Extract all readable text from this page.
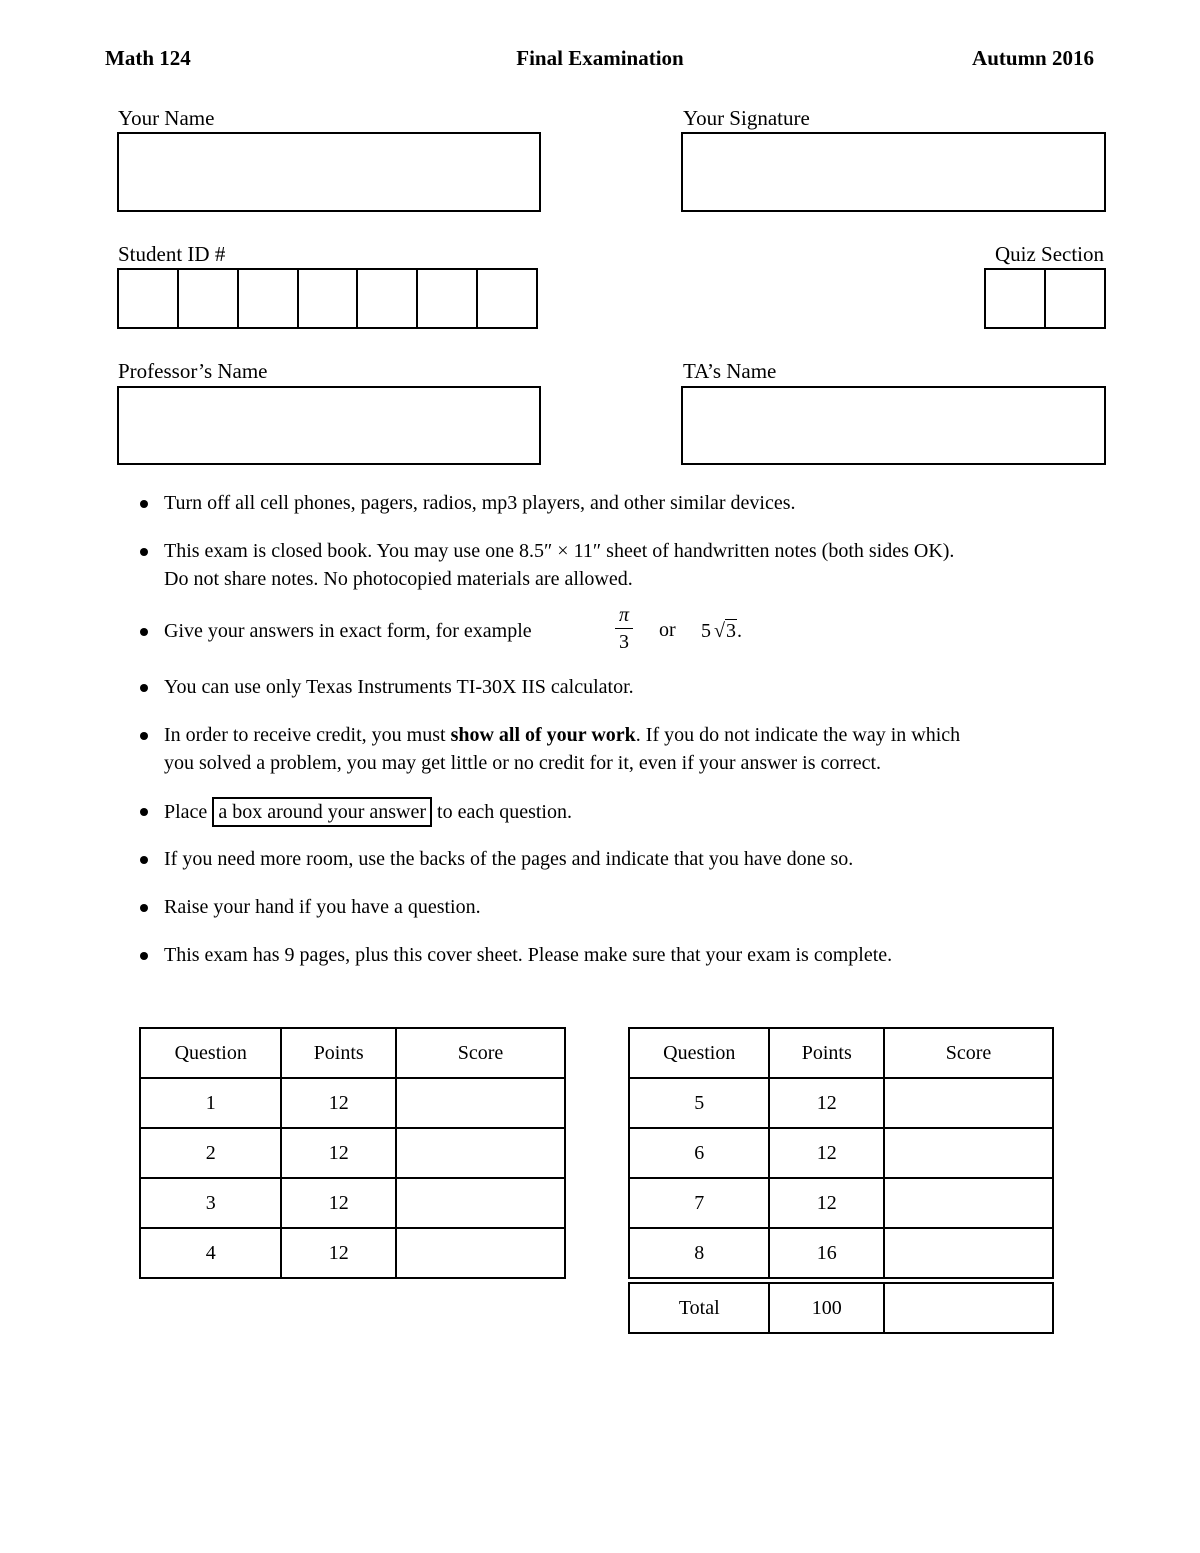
Math 124	Final Examination	Autumn 2016
Your Name	Your Signature
Student ID #	Quiz Section
Professor’s Name	TA’s Name
Turn off all cell phones, pagers, radios, mp3 players, and other similar devices.
This exam is closed book. You may use one 8.5″ × 11″ sheet of handwritten notes (both sides OK).
Do not share notes. No photocopied materials are allowed.
Give your answers in exact form, for example
π
3
or 5 √3.
You can use only Texas Instruments TI-30X IIS calculator.
In order to receive credit, you must show all of your work. If you do not indicate the way in which
you solved a problem, you may get little or no credit for it, even if your answer is correct.
Place a box around your answer to each question.
If you need more room, use the backs of the pages and indicate that you have done so.
Raise your hand if you have a question.
This exam has 9 pages, plus this cover sheet. Please make sure that your exam is complete.
Question	Points	Score
1	12	
2	12	
3	12	
4	12	
Question	Points	Score
5	12	
6	12	
7	12	
8	16	

Total	100	
